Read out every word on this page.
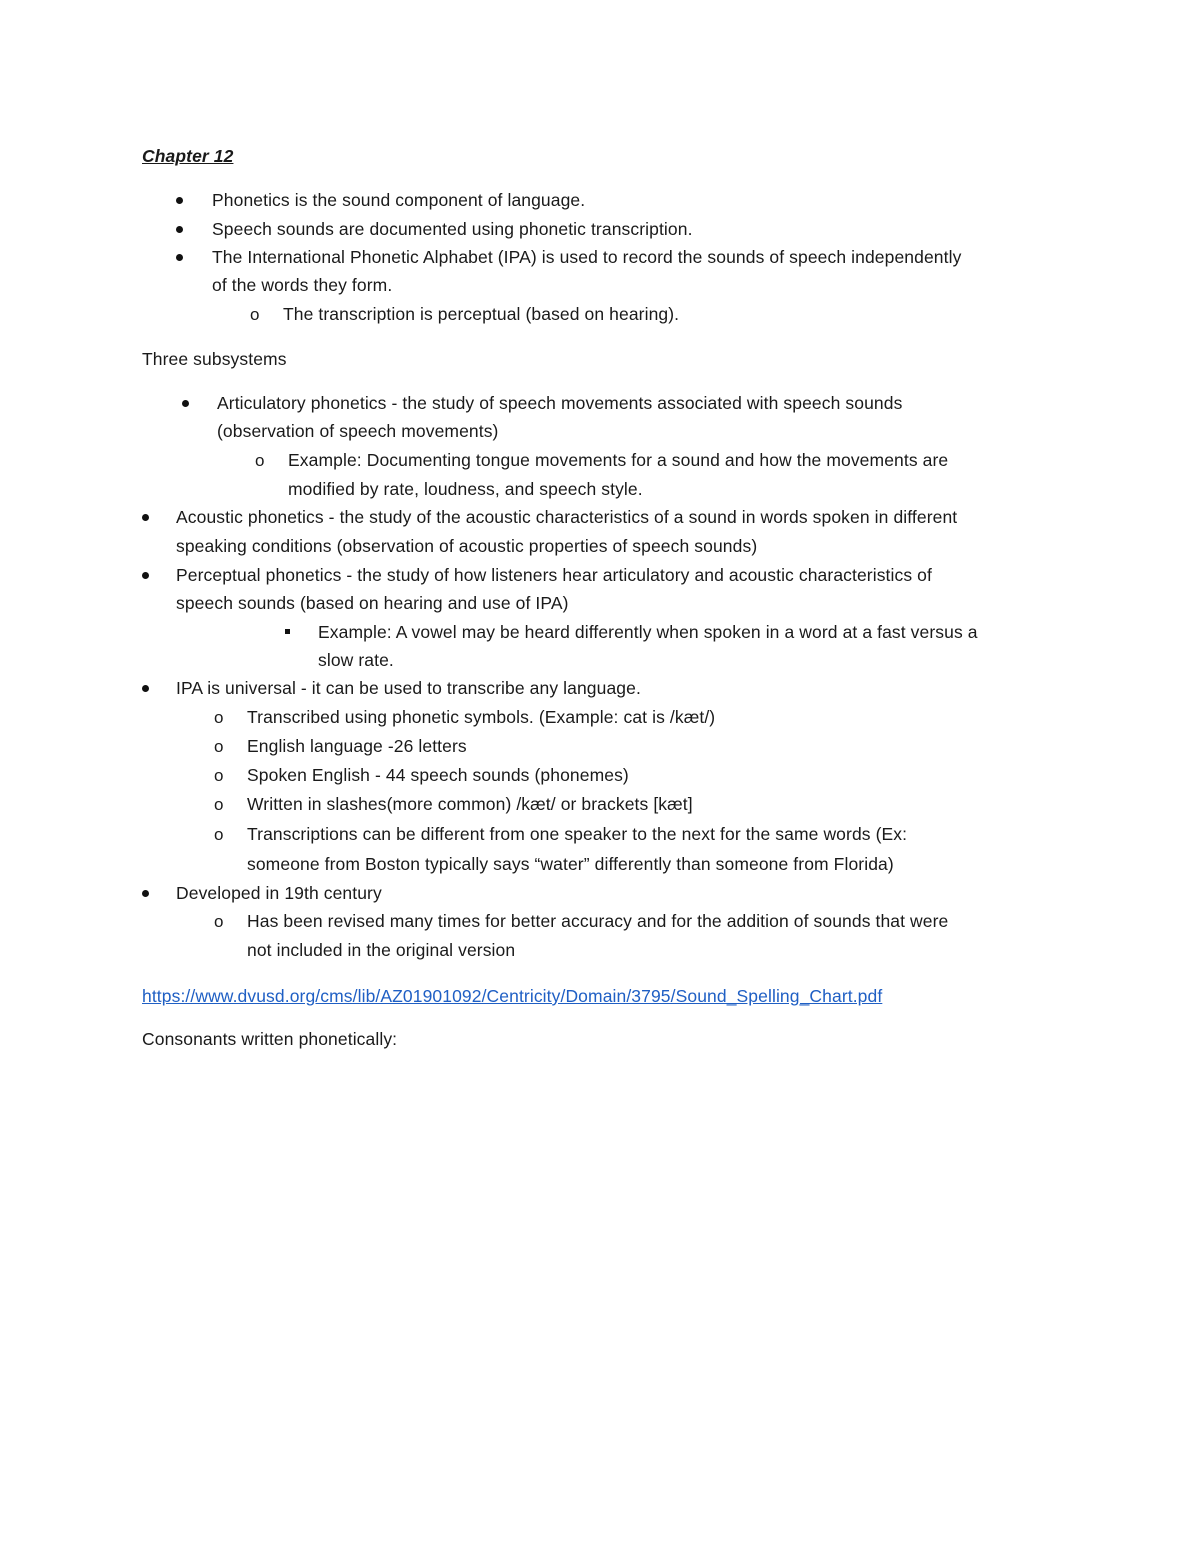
Chapter 12
Phonetics is the sound component of language.
Speech sounds are documented using phonetic transcription.
The International Phonetic Alphabet (IPA) is used to record the sounds of speech independently
of the words they form.
o The transcription is perceptual (based on hearing).
Three subsystems
Articulatory phonetics - the study of speech movements associated with speech sounds
(observation of speech movements)
o Example: Documenting tongue movements for a sound and how the movements are
modified by rate, loudness, and speech style.
Acoustic phonetics - the study of the acoustic characteristics of a sound in words spoken in different
speaking conditions (observation of acoustic properties of speech sounds)
Perceptual phonetics - the study of how listeners hear articulatory and acoustic characteristics of
speech sounds (based on hearing and use of IPA)
Example: A vowel may be heard differently when spoken in a word at a fast versus a
slow rate.
IPA is universal - it can be used to transcribe any language.
o Transcribed using phonetic symbols. (Example: cat is /kæt/)
o English language -26 letters
o Spoken English - 44 speech sounds (phonemes)
o Written in slashes(more common) /kæt/ or brackets [kæt]
o Transcriptions can be different from one speaker to the next for the same words (Ex:
someone from Boston typically says “water” differently than someone from Florida)
Developed in 19th century
o Has been revised many times for better accuracy and for the addition of sounds that were
not included in the original version
https://www.dvusd.org/cms/lib/AZ01901092/Centricity/Domain/3795/Sound_Spelling_Chart.pdf
Consonants written phonetically:
